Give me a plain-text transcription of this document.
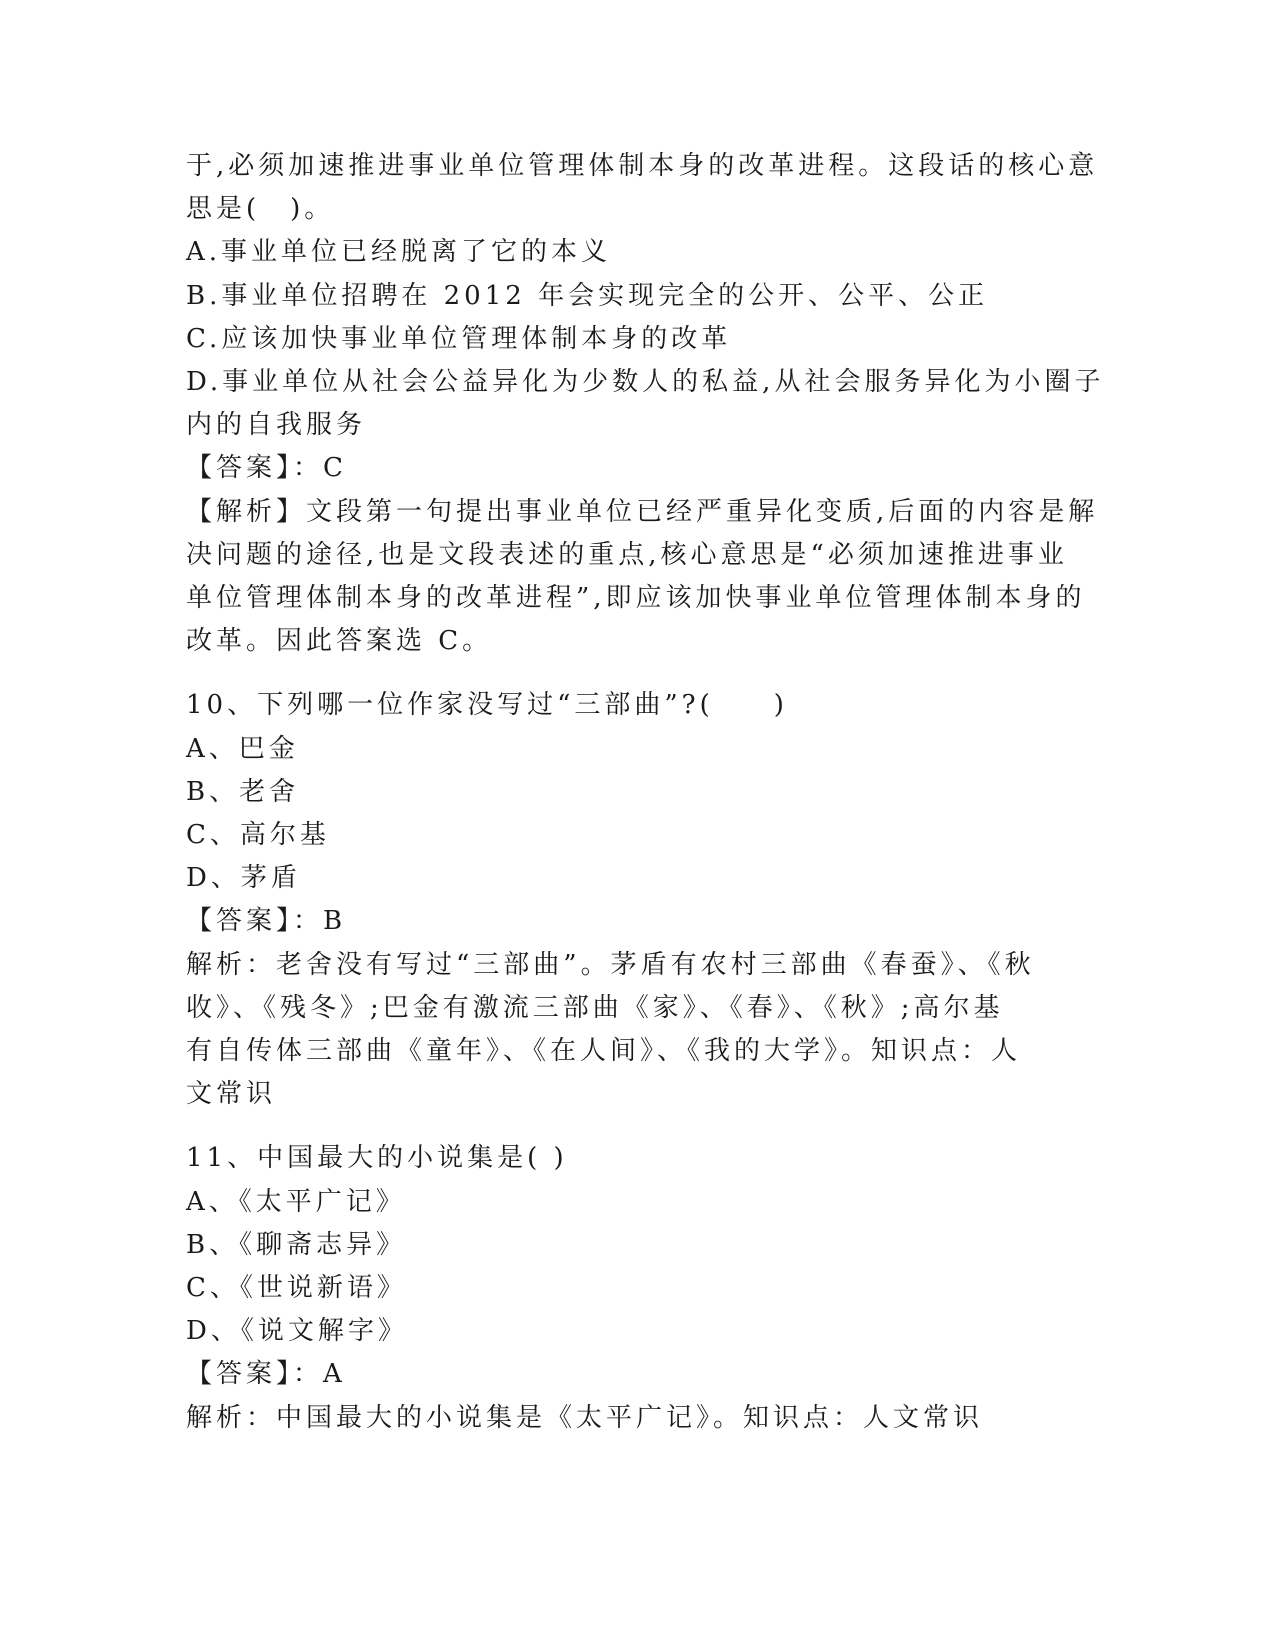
于,必须加速推进事业单位管理体制本身的改革进程。这段话的核心意

思是(　)。

A.事业单位已经脱离了它的本义

B.事业单位招聘在 2012 年会实现完全的公开、公平、公正

C.应该加快事业单位管理体制本身的改革

D.事业单位从社会公益异化为少数人的私益,从社会服务异化为小圈子

内的自我服务

【答案】：C

【解析】文段第一句提出事业单位已经严重异化变质,后面的内容是解

决问题的途径,也是文段表述的重点,核心意思是“必须加速推进事业

单位管理体制本身的改革进程”,即应该加快事业单位管理体制本身的

改革。因此答案选 C。

10、下列哪一位作家没写过“三部曲”?(　　)

A、巴金

B、老舍

C、高尔基

D、茅盾

【答案】：B

解析：老舍没有写过“三部曲”。茅盾有农村三部曲《春蚕》、《秋

收》、《残冬》;巴金有激流三部曲《家》、《春》、《秋》;高尔基

有自传体三部曲《童年》、《在人间》、《我的大学》。知识点：人

文常识

11、中国最大的小说集是( )

A、《太平广记》

B、《聊斋志异》

C、《世说新语》

D、《说文解字》

【答案】：A

解析：中国最大的小说集是《太平广记》。知识点：人文常识
